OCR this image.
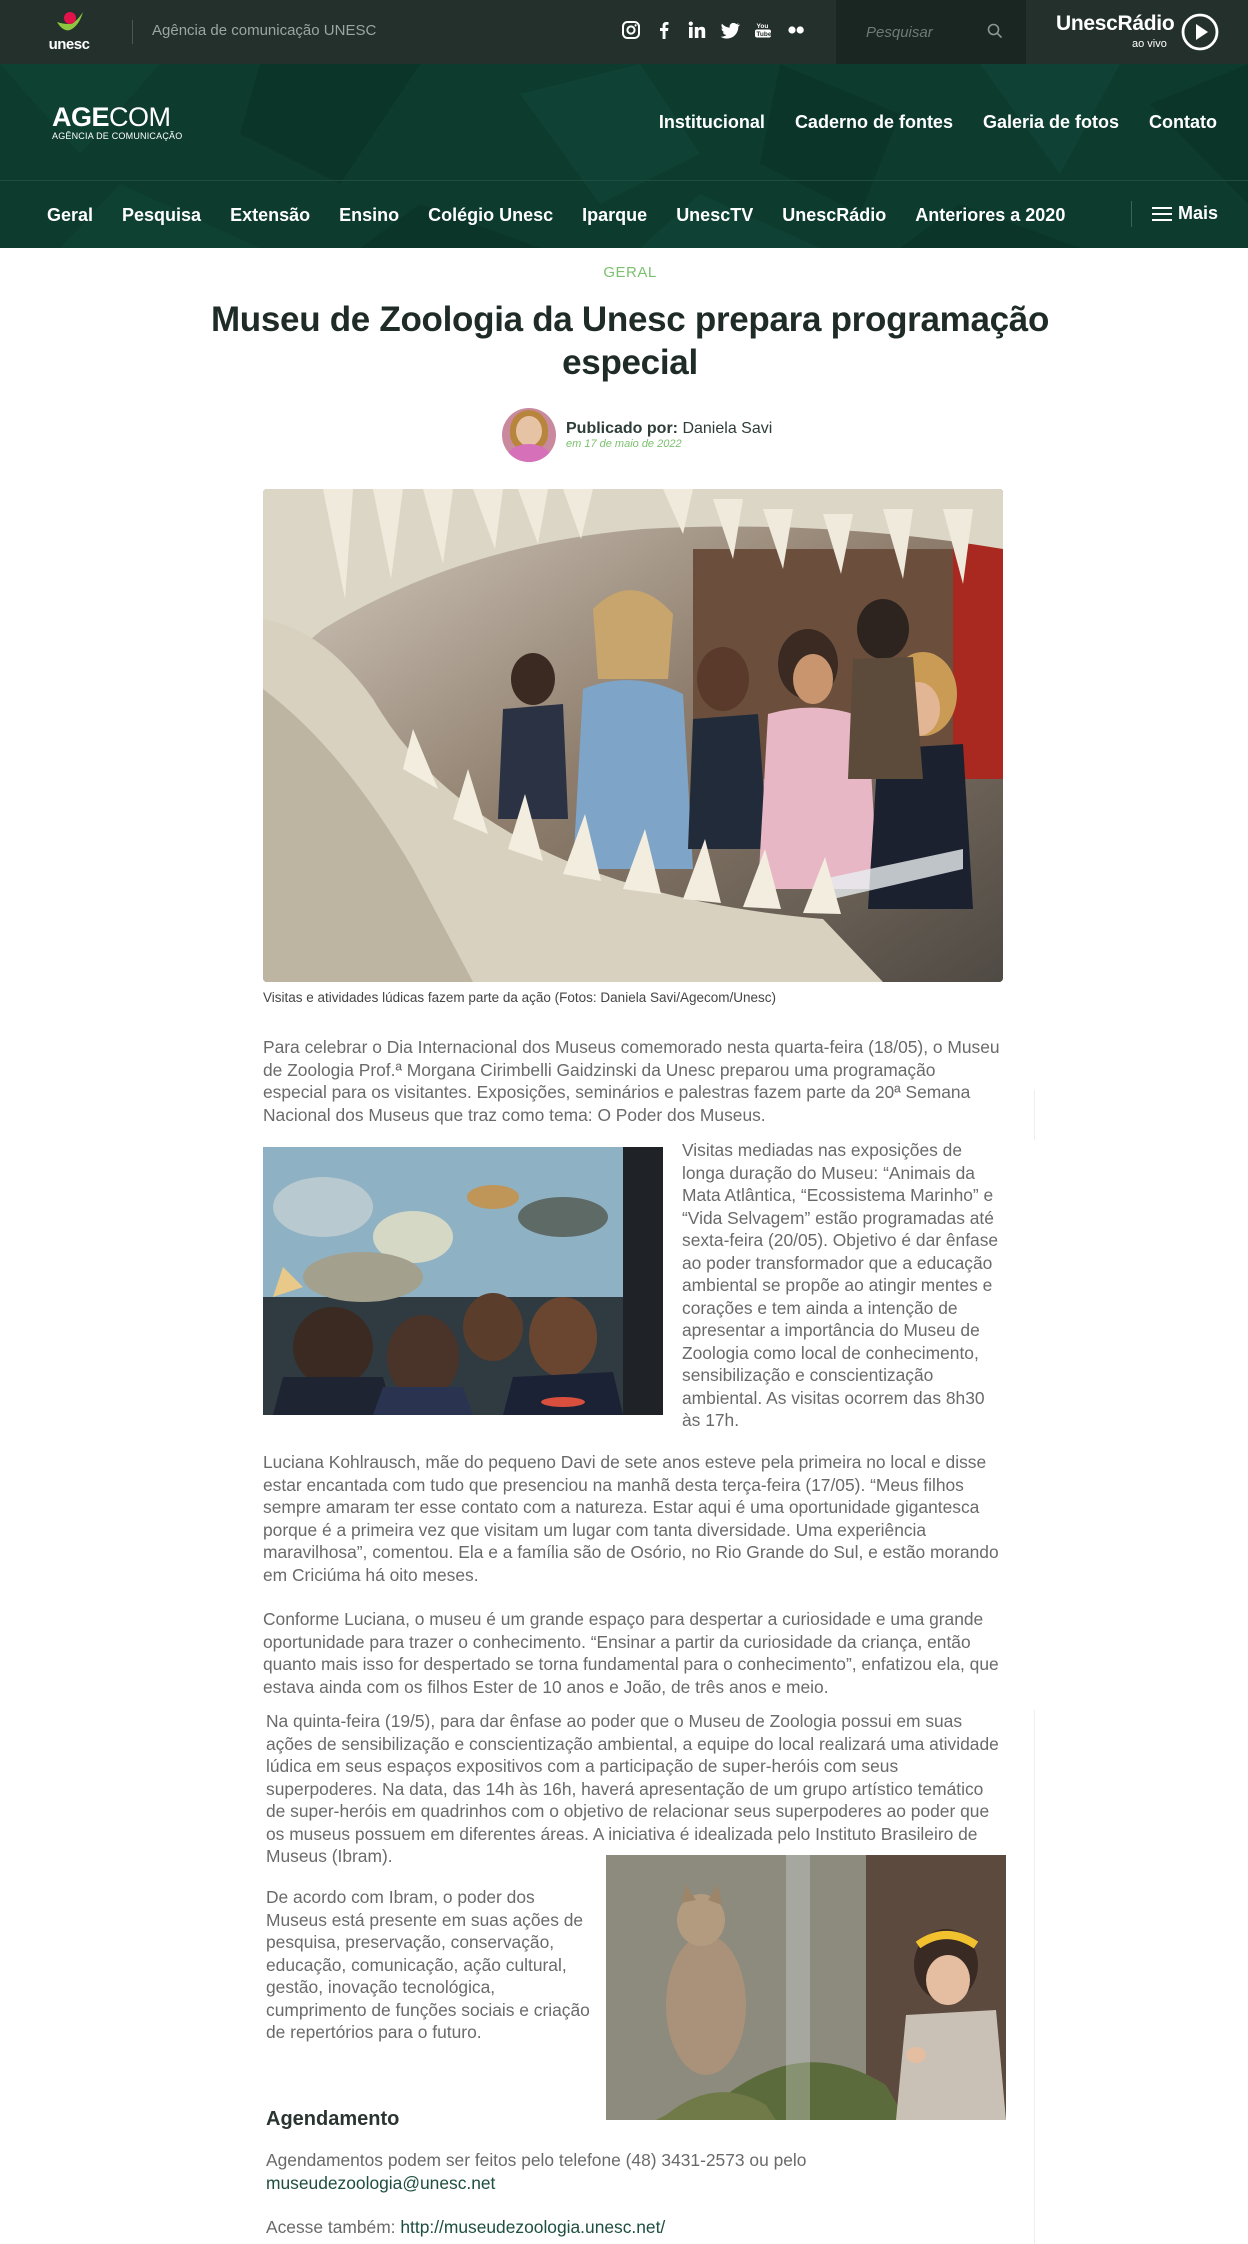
unesc
Agência de comunicação UNESC	You
Tube
Pesquisar	UnescRádio
ao vivo
AGECOM
AGÊNCIA DE COMUNICAÇÃO
Institucional Caderno de fontes Galeria de fotos Contato
Geral Pesquisa Extensão Ensino Colégio Unesc Iparque UnescTV UnescRádio Anteriores a 2020	Mais
GERAL
Museu de Zoologia da Unesc prepara programação especial
Publicado por: Daniela Savi
em 17 de maio de 2022
Visitas e atividades lúdicas fazem parte da ação (Fotos: Daniela Savi/Agecom/Unesc)

Para celebrar o Dia Internacional dos Museus comemorado nesta quarta-feira (18/05), o Museu de Zoologia Prof.ª Morgana Cirimbelli Gaidzinski da Unesc preparou uma programação especial para os visitantes. Exposições, seminários e palestras fazem parte da 20ª Semana Nacional dos Museus que traz como tema: O Poder dos Museus.

Visitas mediadas nas exposições de longa duração do Museu: “Animais da Mata Atlântica, “Ecossistema Marinho” e “Vida Selvagem” estão programadas até sexta-feira (20/05). Objetivo é dar ênfase ao poder transformador que a educação ambiental se propõe ao atingir mentes e corações e tem ainda a intenção de apresentar a importância do Museu de Zoologia como local de conhecimento, sensibilização e conscientização ambiental. As visitas ocorrem das 8h30 às 17h.

Luciana Kohlrausch, mãe do pequeno Davi de sete anos esteve pela primeira no local e disse estar encantada com tudo que presenciou na manhã desta terça-feira (17/05). “Meus filhos sempre amaram ter esse contato com a natureza. Estar aqui é uma oportunidade gigantesca porque é a primeira vez que visitam um lugar com tanta diversidade. Uma experiência maravilhosa”, comentou. Ela e a família são de Osório, no Rio Grande do Sul, e estão morando em Criciúma há oito meses.

Conforme Luciana, o museu é um grande espaço para despertar a curiosidade e uma grande oportunidade para trazer o conhecimento. “Ensinar a partir da curiosidade da criança, então quanto mais isso for despertado se torna fundamental para o conhecimento”, enfatizou ela, que estava ainda com os filhos Ester de 10 anos e João, de três anos e meio.

Na quinta-feira (19/5), para dar ênfase ao poder que o Museu de Zoologia possui em suas ações de sensibilização e conscientização ambiental, a equipe do local realizará uma atividade lúdica em seus espaços expositivos com a participação de super-heróis com seus superpoderes. Na data, das 14h às 16h, haverá apresentação de um grupo artístico temático de super-heróis em quadrinhos com o objetivo de relacionar seus superpoderes ao poder que os museus possuem em diferentes áreas. A iniciativa é idealizada pelo Instituto Brasileiro de Museus (Ibram).

De acordo com Ibram, o poder dos Museus está presente em suas ações de pesquisa, preservação, conservação, educação, comunicação, ação cultural, gestão, inovação tecnológica, cumprimento de funções sociais e criação de repertórios para o futuro.

Agendamento

Agendamentos podem ser feitos pelo telefone (48) 3431-2573 ou pelo
museudezoologia@unesc.net

Acesse também: http://museudezoologia.unesc.net/
